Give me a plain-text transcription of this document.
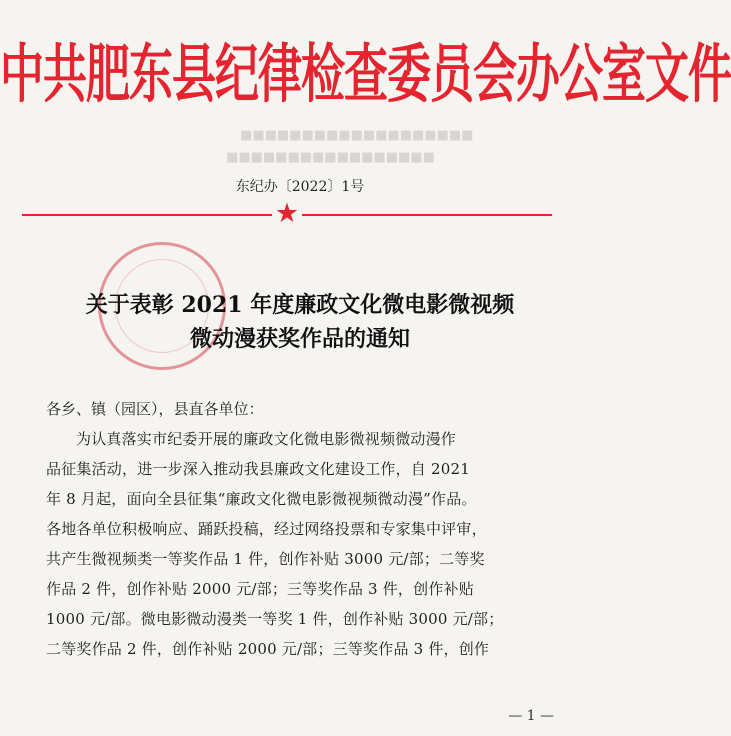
中共肥东县纪律检查委员会办公室文件
■■■■■■■■■■■■■■■■■■■
■■■■■■■■■■■■■■■■■
东纪办〔2022〕1号
★
关于表彰 2021 年度廉政文化微电影微视频
微动漫获奖作品的通知

各乡、镇（园区），县直各单位：

为认真落实市纪委开展的廉政文化微电影微视频微动漫作

品征集活动，进一步深入推动我县廉政文化建设工作，自 2021

年 8 月起，面向全县征集“廉政文化微电影微视频微动漫”作品。

各地各单位积极响应、踊跃投稿，经过网络投票和专家集中评审，

共产生微视频类一等奖作品 1 件，创作补贴 3000 元/部；二等奖

作品 2 件，创作补贴 2000 元/部；三等奖作品 3 件，创作补贴

1000 元/部。微电影微动漫类一等奖 1 件，创作补贴 3000 元/部；

二等奖作品 2 件，创作补贴 2000 元/部；三等奖作品 3 件，创作

— 1 —
